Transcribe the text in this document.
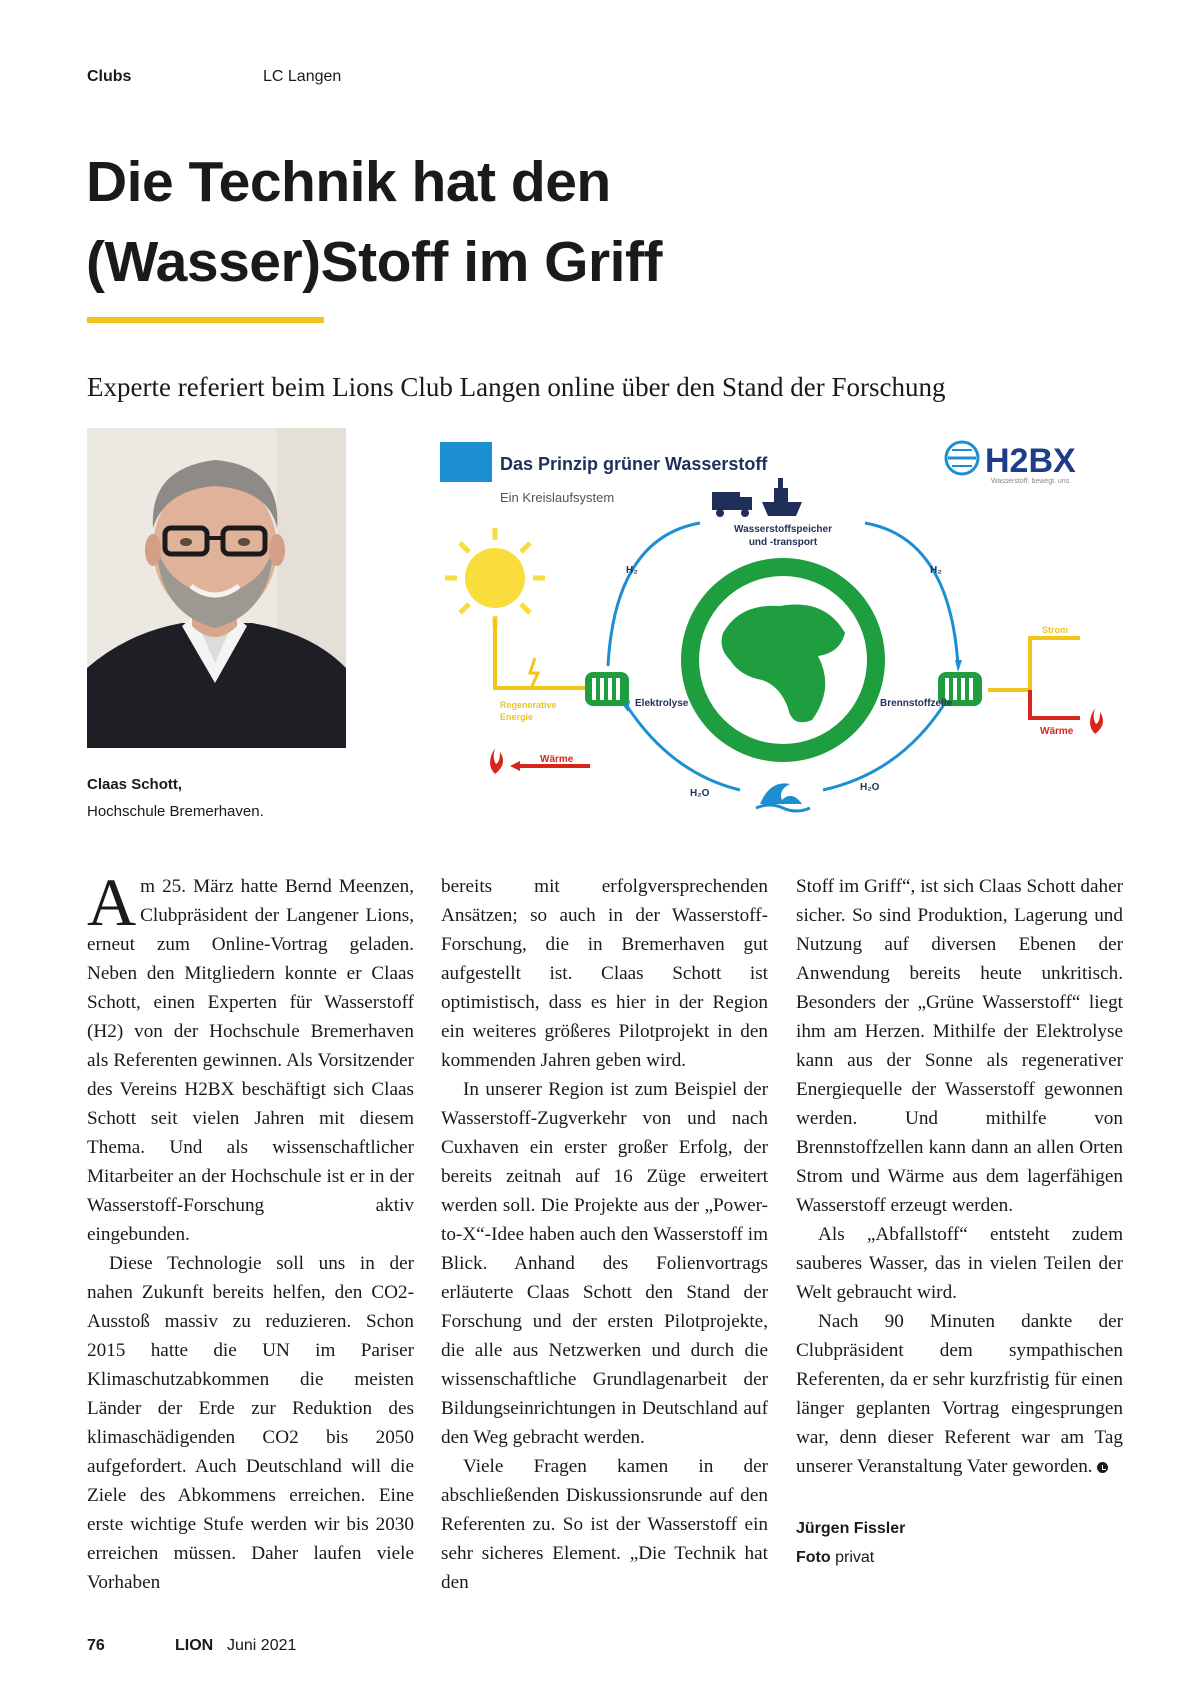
Clubs	LC Langen
Die Technik hat den
(Wasser)Stoff im Griff

Experte referiert beim Lions Club Langen online über den Stand der Forschung

Claas Schott,
Hochschule Bremerhaven.
Das Prinzip grüner Wasserstoff
Ein Kreislaufsystem
H2BX
Wasserstoff. bewegt. uns.
Regenerative
Energie
H₂	H₂
Wasserstoffspeicher
und -transport
Elektrolyse	Brennstoffzelle
Strom
Wärme
Wärme
H₂O
H₂O

Am 25. März hatte Bernd Meenzen, Clubpräsident der Langener Lions, erneut zum Online-Vortrag geladen. Neben den Mitgliedern konnte er Claas Schott, einen Experten für Wasserstoff (H2) von der Hochschule Bremerhaven als Referenten gewinnen. Als Vorsitzender des Vereins H2BX beschäftigt sich Claas Schott seit vielen Jahren mit diesem Thema. Und als wissenschaftlicher Mitarbeiter an der Hochschule ist er in der Wasserstoff-Forschung aktiv eingebunden.

Diese Technologie soll uns in der nahen Zukunft bereits helfen, den CO2-Ausstoß massiv zu reduzieren. Schon 2015 hatte die UN im Pariser Klimaschutzabkommen die meisten Länder der Erde zur Reduktion des klimaschädigenden CO2 bis 2050 aufgefordert. Auch Deutschland will die Ziele des Abkommens erreichen. Eine erste wichtige Stufe werden wir bis 2030 erreichen müssen. Daher laufen viele Vorhaben

bereits mit erfolgversprechenden Ansätzen; so auch in der Wasserstoff-Forschung, die in Bremerhaven gut aufgestellt ist. Claas Schott ist optimistisch, dass es hier in der Region ein weiteres größeres Pilotprojekt in den kommenden Jahren geben wird.

In unserer Region ist zum Beispiel der Wasserstoff-Zugverkehr von und nach Cuxhaven ein erster großer Erfolg, der bereits zeitnah auf 16 Züge erweitert werden soll. Die Projekte aus der „Power-to-X“-Idee haben auch den Wasserstoff im Blick. Anhand des Folienvortrags erläuterte Claas Schott den Stand der Forschung und der ersten Pilotprojekte, die alle aus Netzwerken und durch die wissenschaftliche Grundlagenarbeit der Bildungseinrichtungen in Deutschland auf den Weg gebracht werden.

Viele Fragen kamen in der abschließenden Diskussionsrunde auf den Referenten zu. So ist der Wasserstoff ein sehr sicheres Element. „Die Technik hat den

Stoff im Griff“, ist sich Claas Schott daher sicher. So sind Produktion, Lagerung und Nutzung auf diversen Ebenen der Anwendung bereits heute unkritisch. Besonders der „Grüne Wasserstoff“ liegt ihm am Herzen. Mithilfe der Elektrolyse kann aus der Sonne als regenerativer Energiequelle der Wasserstoff gewonnen werden. Und mithilfe von Brennstoffzellen kann dann an allen Orten Strom und Wärme aus dem lagerfähigen Wasserstoff erzeugt werden.

Als „Abfallstoff“ entsteht zudem sauberes Wasser, das in vielen Teilen der Welt gebraucht wird.

Nach 90 Minuten dankte der Clubpräsident dem sympathischen Referenten, da er sehr kurzfristig für einen länger geplanten Vortrag eingesprungen war, denn dieser Referent war am Tag unserer Veranstaltung Vater geworden.

Jürgen Fissler
Foto privat
76	LION Juni 2021
